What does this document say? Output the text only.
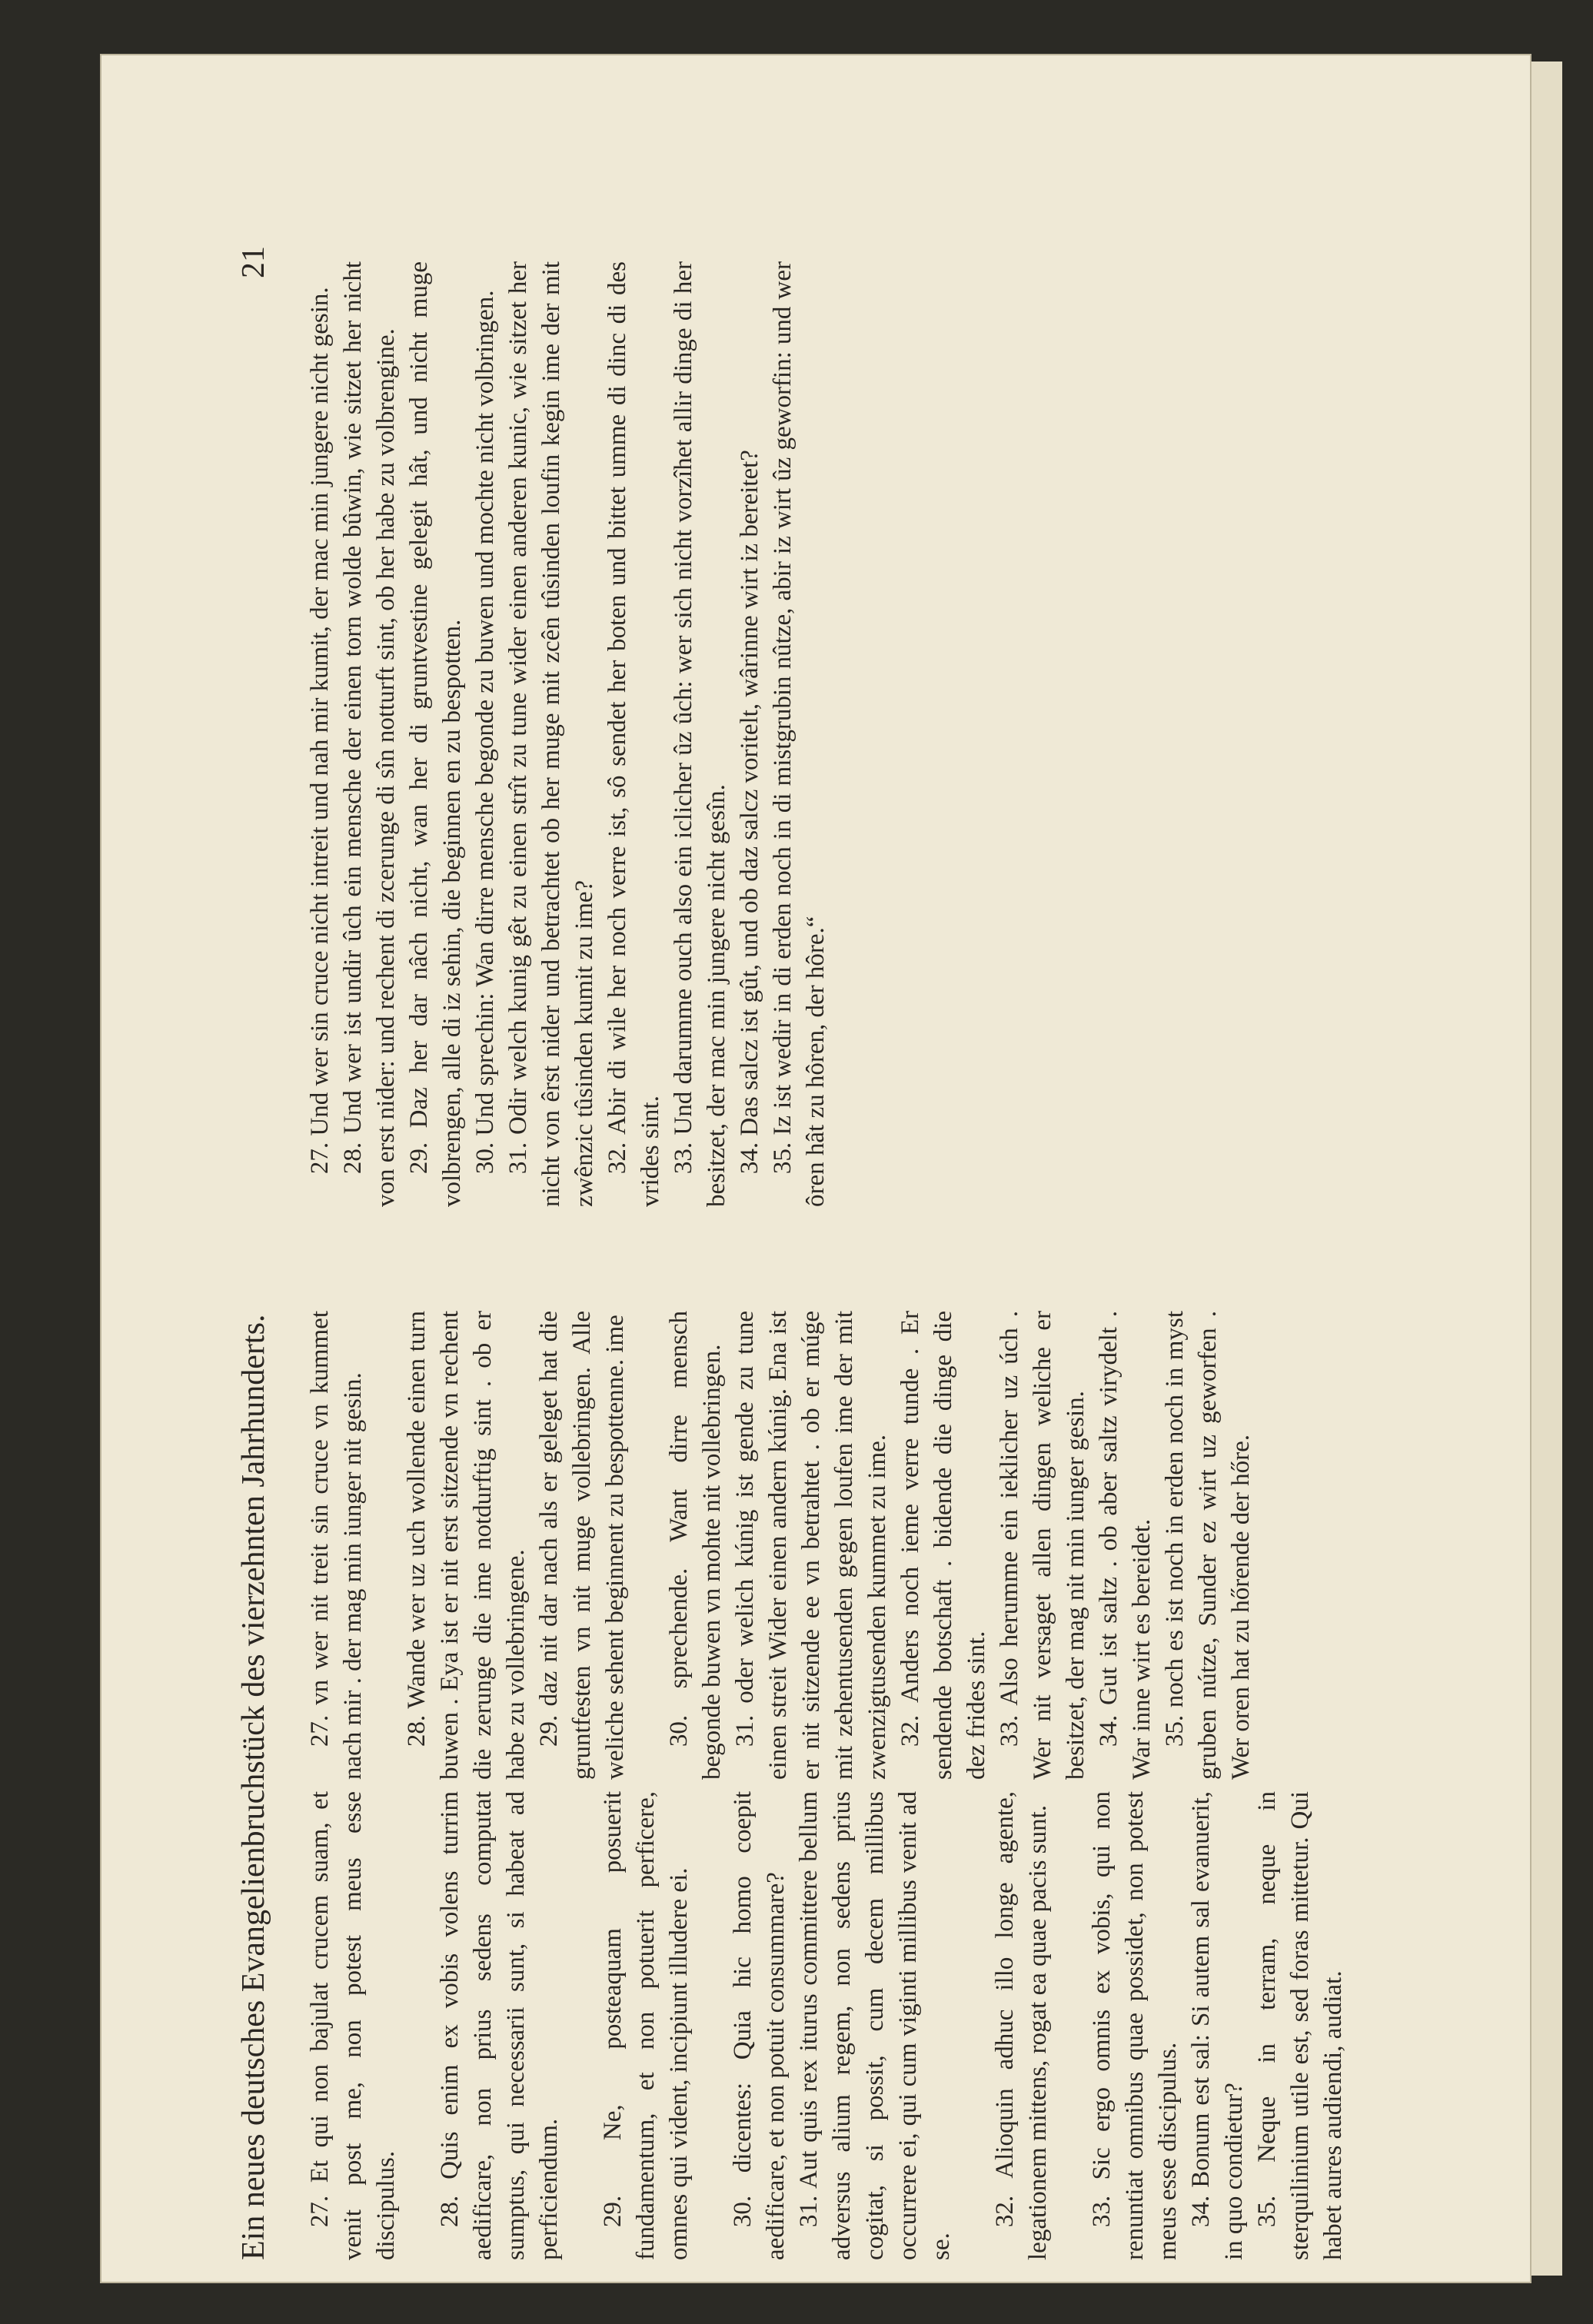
Ein neues deutsches Evangelienbruchstück des vierzehnten Jahrhunderts.
21

27. Et qui non bajulat crucem suam, et venit post me, non potest meus esse discipulus. 28. Quis enim ex vobis volens turrim aedificare, non prius sedens computat sumptus, qui necessarii sunt, si habeat ad perficiendum. 29. Ne, posteaquam posuerit fundamentum, et non potuerit perficere, omnes qui vident, incipiunt illudere ei. 30. dicentes: Quia hic homo coepit aedificare, et non potuit consummare? 31. Aut quis rex iturus committere bellum adversus alium regem, non sedens prius cogitat, si possit, cum decem millibus occurrere ei, qui cum viginti millibus venit ad se.

32. Alioquin adhuc illo longe agente, legationem mittens, rogat ea quae pacis sunt. 33. Sic ergo omnis ex vobis, qui non renuntiat omnibus quae possidet, non potest meus esse discipulus. 34. Bonum est sal: Si autem sal evanuerit, in quo condietur? 35. Neque in terram, neque in sterquilinium utile est, sed foras mittetur. Qui habet aures audiendi, audiat.

27. vn wer nit treit sin cruce vn kummet nach mir . der mag min iunger nit gesin. 28. Wande wer uz uch wollende einen turn buwen . Eya ist er nit erst sitzende vn rechent die zerunge die ime notdurftig sint . ob er habe zu vollebringene. 29. daz nit dar nach als er geleget hat die gruntfesten vn nit muge vollebringen. Alle weliche sehent beginnent zu bespottenne. ime 30. sprechende. Want dirre mensch begonde buwen vn mohte nit vollebringen. 31. oder welich kúnig ist gende zu tune einen streit Wider einen andern kúnig. Ena ist er nit sitzende ee vn betrahtet . ob er múge mit zehentusenden gegen loufen ime der mit zwenzigtusenden kummet zu ime. 32. Anders noch ieme verre tunde . Er sendende botschaft . bidende die dinge die dez frides sint. 33. Also herumme ein ieklicher uz úch . Wer nit versaget allen dingen weliche er besitzet, der mag nit min iunger gesin. 34. Gut ist saltz . ob aber saltz virydelt . War inne wirt es bereidet. 35. noch es ist noch in erden noch in myst gruben nútze, Sunder ez wirt uz geworfen . Wer oren hat zu hőrende der hőre.

27. Und wer sin cruce nicht intreit und nah mir kumit, der mac min jungere nicht gesin. 28. Und wer ist undir ûch ein mensche der einen torn wolde bûwin, wie sitzet her nicht von erst nider: und rechent di zcerunge di sîn notturft sint, ob her habe zu volbrengine. 29. Daz her dar nâch nicht, wan her di gruntvestine gelegit hât, und nicht muge volbrengen, alle di iz sehin, die beginnen en zu bespotten. 30. Und sprechin: Wan dirre mensche begonde zu buwen und mochte nicht volbringen. 31. Odir welch kunig gêt zu einen strît zu tune wider einen anderen kunic, wie sitzet her nicht von êrst nider und betrachtet ob her muge mit zcên tûsinden loufin kegin ime der mit zwênzic tûsinden kumit zu ime? 32. Abir di wile her noch verre ist, sô sendet her boten und bittet umme di dinc di des vrides sint. 33. Und darumme ouch also ein iclicher ûz ûch: wer sich nicht vorzîhet allir dinge di her besitzet, der mac min jungere nicht gesîn. 34. Das salcz ist gût, und ob daz salcz voritelt, wârinne wirt iz bereitet? 35. Iz ist wedir in di erden noch in di mistgrubin nûtze, abir iz wirt ûz geworfin: und wer ôren hât zu hôren, der hôre.“
